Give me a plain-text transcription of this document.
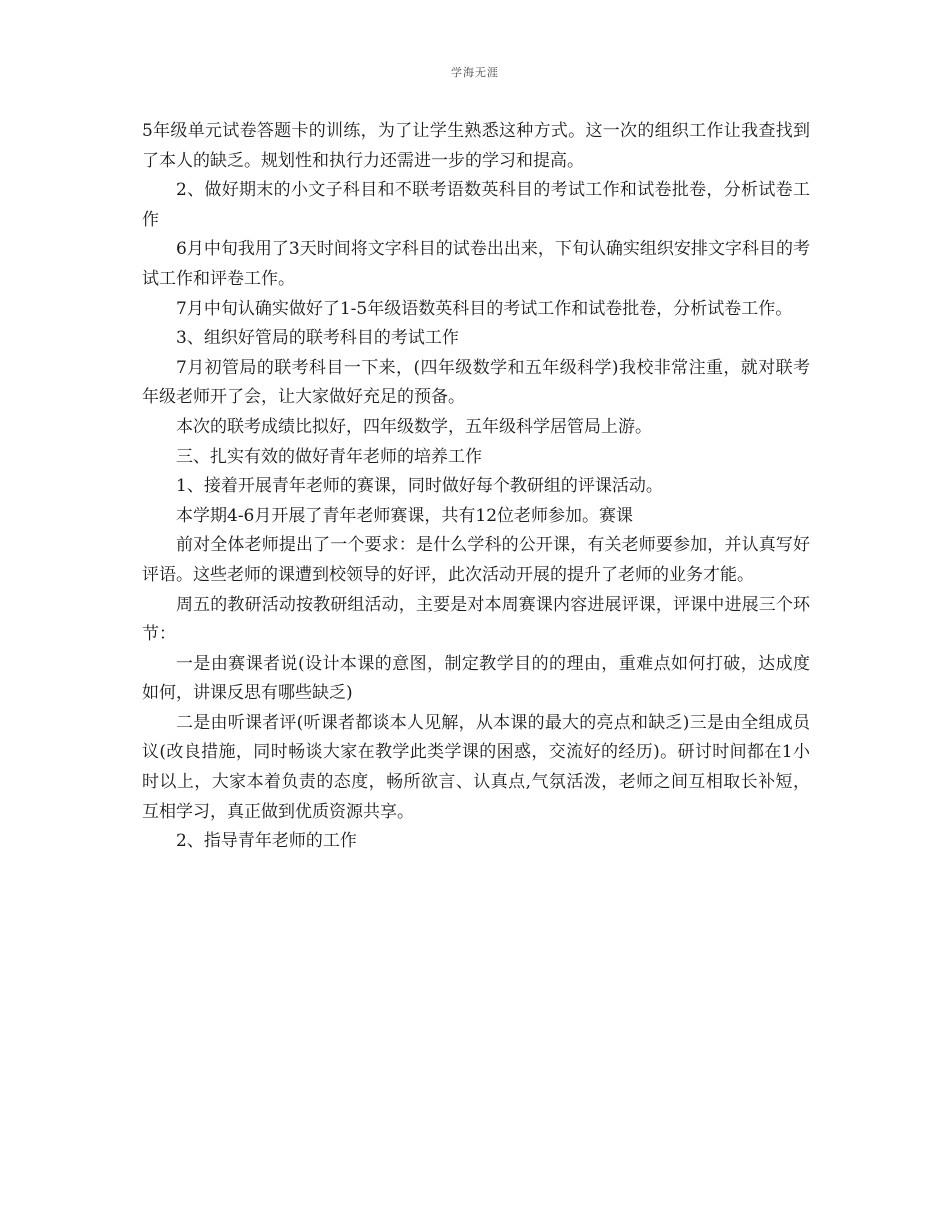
学海无涯

5年级单元试卷答题卡的训练，为了让学生熟悉这种方式。这一次的组织工作让我查找到了本人的缺乏。规划性和执行力还需进一步的学习和提高。

2、做好期末的小文子科目和不联考语数英科目的考试工作和试卷批卷，分析试卷工作

6月中旬我用了3天时间将文字科目的试卷出出来，下旬认确实组织安排文字科目的考试工作和评卷工作。

7月中旬认确实做好了1-5年级语数英科目的考试工作和试卷批卷，分析试卷工作。

3、组织好管局的联考科目的考试工作

7月初管局的联考科目一下来，(四年级数学和五年级科学)我校非常注重，就对联考年级老师开了会，让大家做好充足的预备。

本次的联考成绩比拟好，四年级数学，五年级科学居管局上游。

三、扎实有效的做好青年老师的培养工作

1、接着开展青年老师的赛课，同时做好每个教研组的评课活动。

本学期4-6月开展了青年老师赛课，共有12位老师参加。赛课

前对全体老师提出了一个要求：是什么学科的公开课，有关老师要参加，并认真写好评语。这些老师的课遭到校领导的好评，此次活动开展的提升了老师的业务才能。

周五的教研活动按教研组活动，主要是对本周赛课内容进展评课，评课中进展三个环节：

一是由赛课者说(设计本课的意图，制定教学目的的理由，重难点如何打破，达成度如何，讲课反思有哪些缺乏)

二是由听课者评(听课者都谈本人见解，从本课的最大的亮点和缺乏)三是由全组成员议(改良措施，同时畅谈大家在教学此类学课的困惑，交流好的经历)。研讨时间都在1小时以上，大家本着负责的态度，畅所欲言、认真点,气氛活泼，老师之间互相取长补短，互相学习，真正做到优质资源共享。

2、指导青年老师的工作
